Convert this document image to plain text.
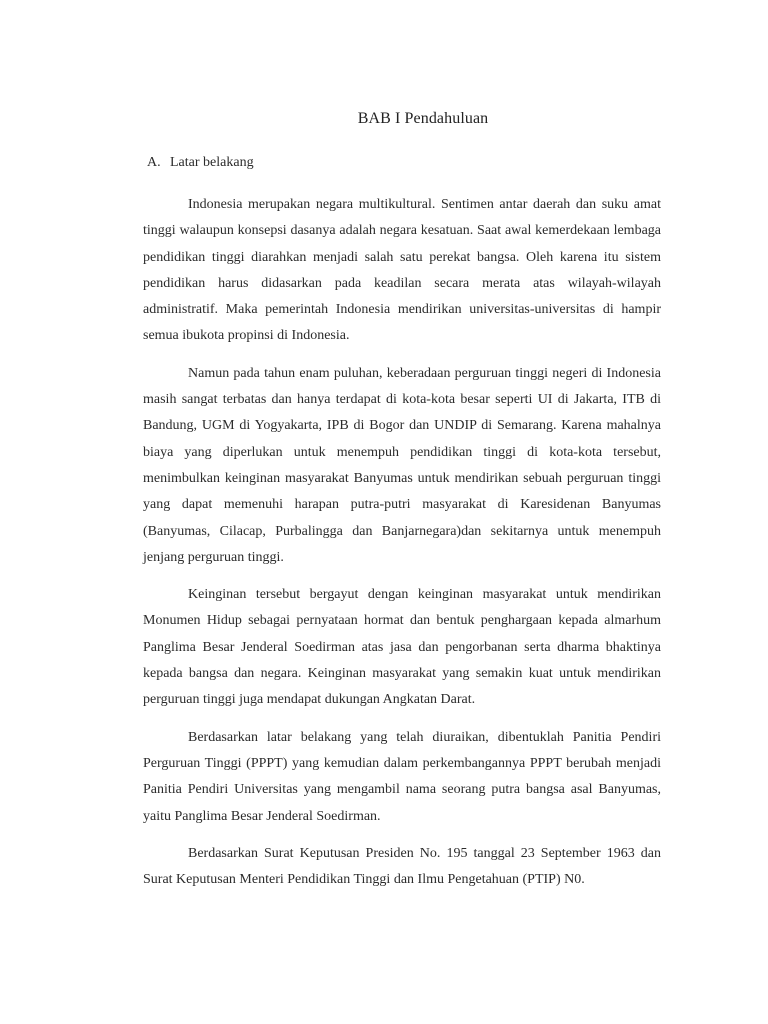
BAB I Pendahuluan
A. Latar belakang

Indonesia merupakan negara multikultural. Sentimen antar daerah dan suku amat tinggi walaupun konsepsi dasanya adalah negara kesatuan. Saat awal kemerdekaan lembaga pendidikan tinggi diarahkan menjadi salah satu perekat bangsa. Oleh karena itu sistem pendidikan harus didasarkan pada keadilan secara merata atas wilayah-wilayah administratif. Maka pemerintah Indonesia mendirikan universitas-universitas di hampir semua ibukota propinsi di Indonesia.

Namun pada tahun enam puluhan, keberadaan perguruan tinggi negeri di Indonesia masih sangat terbatas dan hanya terdapat di kota-kota besar seperti UI di Jakarta, ITB di Bandung, UGM di Yogyakarta, IPB di Bogor dan UNDIP di Semarang. Karena mahalnya biaya yang diperlukan untuk menempuh pendidikan tinggi di kota-kota tersebut, menimbulkan keinginan masyarakat Banyumas untuk mendirikan sebuah perguruan tinggi yang dapat memenuhi harapan putra-putri masyarakat di Karesidenan Banyumas (Banyumas, Cilacap, Purbalingga dan Banjarnegara)dan sekitarnya untuk menempuh jenjang perguruan tinggi.

Keinginan tersebut bergayut dengan keinginan masyarakat untuk mendirikan Monumen Hidup sebagai pernyataan hormat dan bentuk penghargaan kepada almarhum Panglima Besar Jenderal Soedirman atas jasa dan pengorbanan serta dharma bhaktinya kepada bangsa dan negara. Keinginan masyarakat yang semakin kuat untuk mendirikan perguruan tinggi juga mendapat dukungan Angkatan Darat.

Berdasarkan latar belakang yang telah diuraikan, dibentuklah Panitia Pendiri Perguruan Tinggi (PPPT) yang kemudian dalam perkembangannya PPPT berubah menjadi Panitia Pendiri Universitas yang mengambil nama seorang putra bangsa asal Banyumas, yaitu Panglima Besar Jenderal Soedirman.

Berdasarkan Surat Keputusan Presiden No. 195 tanggal 23 September 1963 dan Surat Keputusan Menteri Pendidikan Tinggi dan Ilmu Pengetahuan (PTIP) N0.
